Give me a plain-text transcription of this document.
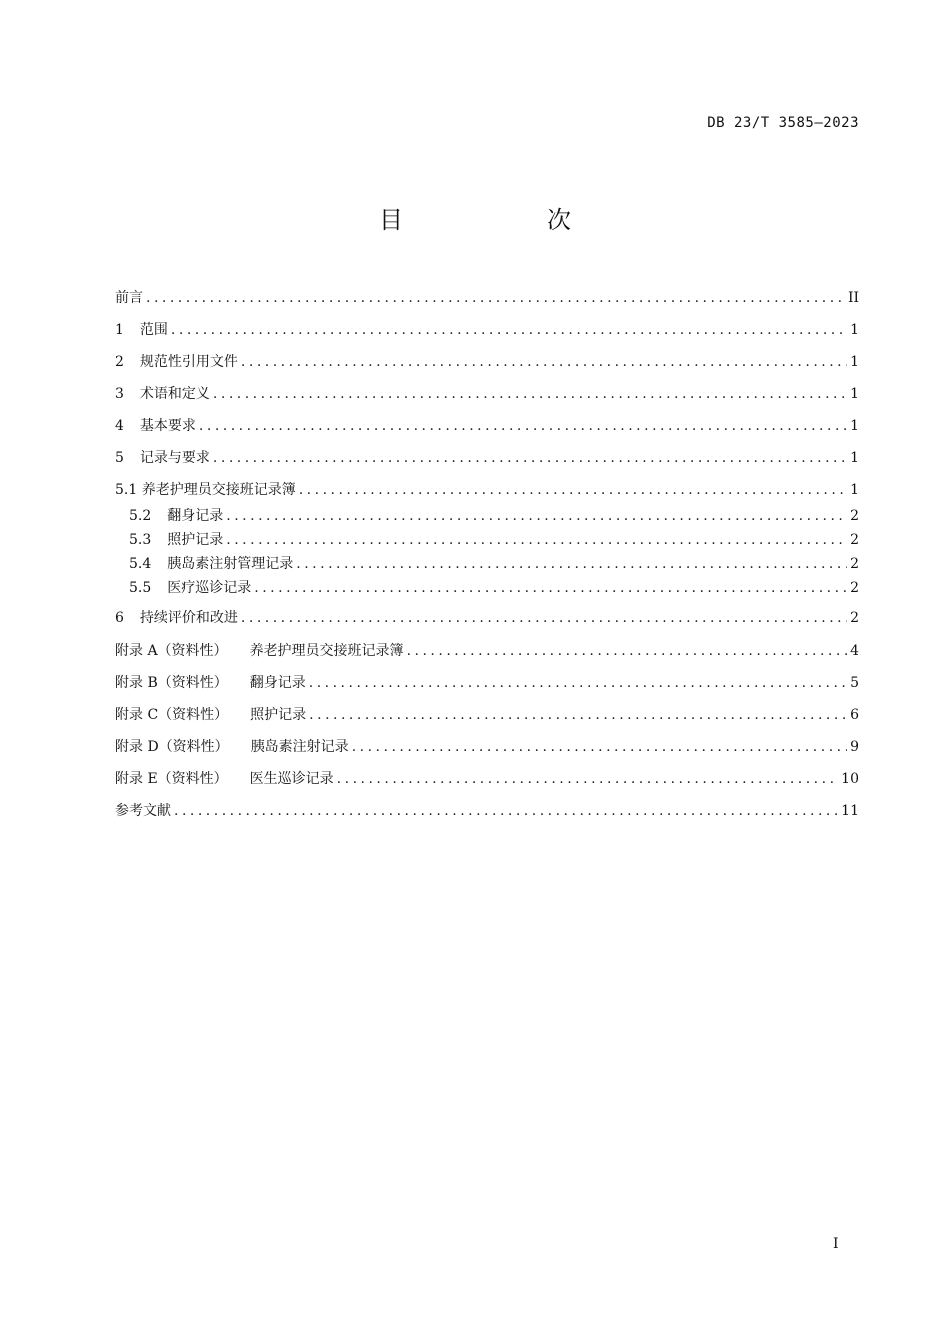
DB 23/T 3585—2023
目　次
前言 .....	II
1 范围 .....	1
2 规范性引用文件 .....	1
3 术语和定义 .....	1
4 基本要求 .....	1
5 记录与要求 .....	1
5.1 养老护理员交接班记录簿 .....	1
5.2 翻身记录 .....	2
5.3 照护记录 .....	2
5.4 胰岛素注射管理记录 .....	2
5.5 医疗巡诊记录 .....	2
6 持续评价和改进 .....	2
附录 A（资料性） 养老护理员交接班记录簿 .....	4
附录 B（资料性） 翻身记录 .....	5
附录 C（资料性） 照护记录 .....	6
附录 D（资料性） 胰岛素注射记录 .....	9
附录 E（资料性） 医生巡诊记录 .....	10
参考文献 .....	11
I
